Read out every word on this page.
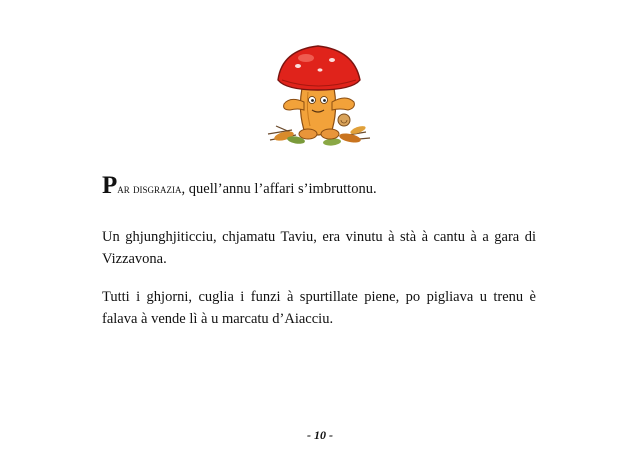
Par disgrazia, quell’annu l’affari s’imbruttonu.

Un ghjunghjiticciu, chjamatu Taviu, era vinutu à stà à cantu à a gara di Vizzavona.

Tutti i ghjorni, cuglia i funzi à spurtillate piene, po pigliava u trenu è falava à vende lì à u marcatu d’Aiacciu.

- 10 -
